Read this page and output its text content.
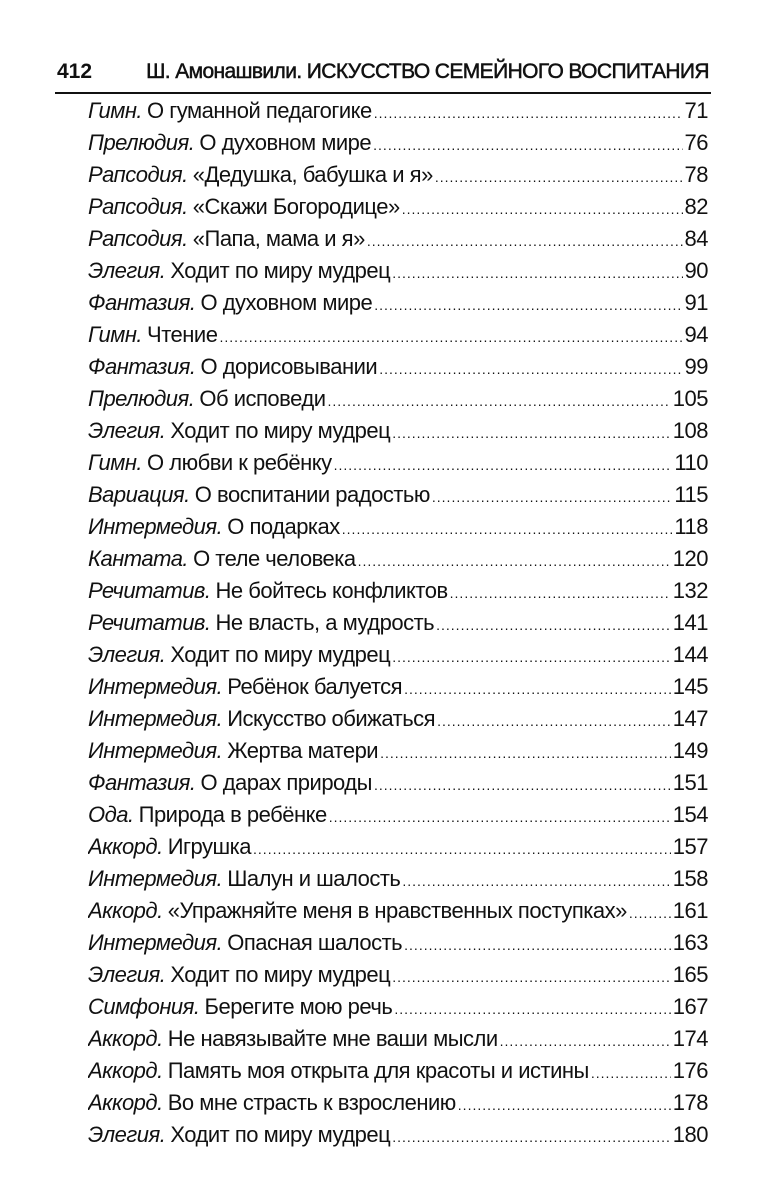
412	Ш. Амонашвили. ИСКУССТВО СЕМЕЙНОГО ВОСПИТАНИЯ
Гимн. О гуманной педагогике .....	71
Прелюдия. О духовном мире .....	76
Рапсодия. «Дедушка, бабушка и я» .....	78
Рапсодия. «Скажи Богородице» .....	82
Рапсодия. «Папа, мама и я» .....	84
Элегия. Ходит по миру мудрец .....	90
Фантазия. О духовном мире .....	91
Гимн. Чтение .....	94
Фантазия. О дорисовывании .....	99
Прелюдия. Об исповеди .....	105
Элегия. Ходит по миру мудрец .....	108
Гимн. О любви к ребёнку .....	110
Вариация. О воспитании радостью .....	115
Интермедия. О подарках .....	118
Кантата. О теле человека .....	120
Речитатив. Не бойтесь конфликтов .....	132
Речитатив. Не власть, а мудрость .....	141
Элегия. Ходит по миру мудрец .....	144
Интермедия. Ребёнок балуется .....	145
Интермедия. Искусство обижаться .....	147
Интермедия. Жертва матери .....	149
Фантазия. О дарах природы .....	151
Ода. Природа в ребёнке .....	154
Аккорд. Игрушка .....	157
Интермедия. Шалун и шалость .....	158
Аккорд. «Упражняйте меня в нравственных поступках» ..... 161
Интермедия. Опасная шалость .....	163
Элегия. Ходит по миру мудрец .....	165
Симфония. Берегите мою речь .....	167
Аккорд. Не навязывайте мне ваши мысли .....	174
Аккорд. Память моя открыта для красоты и истины .....	176
Аккорд. Во мне страсть к взрослению .....	178
Элегия. Ходит по миру мудрец .....	180
